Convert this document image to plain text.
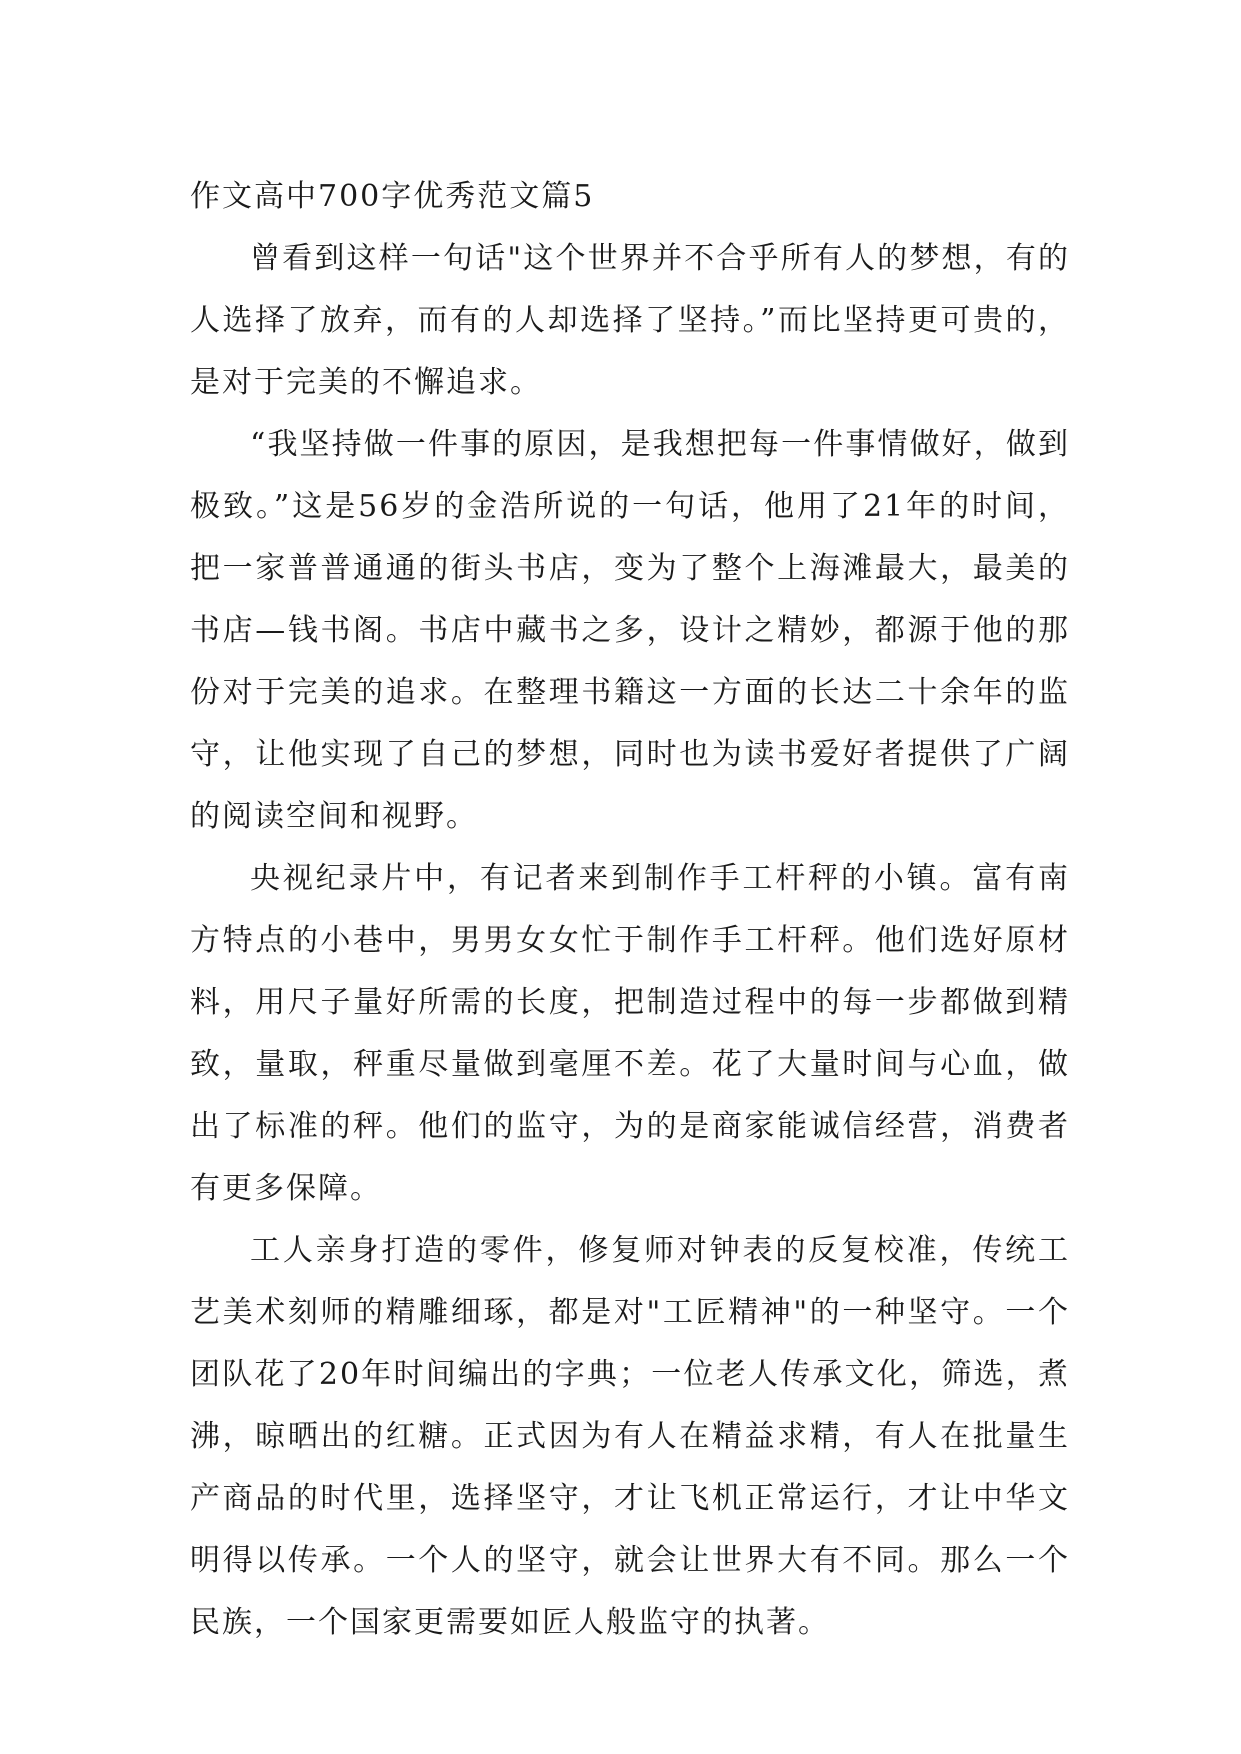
作文高中700字优秀范文篇5

曾看到这样一句话"这个世界并不合乎所有人的梦想，有的人选择了放弃，而有的人却选择了坚持。”而比坚持更可贵的，是对于完美的不懈追求。

“我坚持做一件事的原因，是我想把每一件事情做好，做到极致。”这是56岁的金浩所说的一句话，他用了21年的时间，把一家普普通通的街头书店，变为了整个上海滩最大，最美的书店—钱书阁。书店中藏书之多，设计之精妙，都源于他的那份对于完美的追求。在整理书籍这一方面的长达二十余年的监守，让他实现了自己的梦想，同时也为读书爱好者提供了广阔的阅读空间和视野。

央视纪录片中，有记者来到制作手工杆秤的小镇。富有南方特点的小巷中，男男女女忙于制作手工杆秤。他们选好原材料，用尺子量好所需的长度，把制造过程中的每一步都做到精致，量取，秤重尽量做到毫厘不差。花了大量时间与心血，做出了标准的秤。他们的监守，为的是商家能诚信经营，消费者有更多保障。

工人亲身打造的零件，修复师对钟表的反复校准，传统工艺美术刻师的精雕细琢，都是对"工匠精神"的一种坚守。一个团队花了20年时间编出的字典；一位老人传承文化，筛选，煮沸，晾晒出的红糖。正式因为有人在精益求精，有人在批量生产商品的时代里，选择坚守，才让飞机正常运行，才让中华文明得以传承。一个人的坚守，就会让世界大有不同。那么一个民族，一个国家更需要如匠人般监守的执著。
